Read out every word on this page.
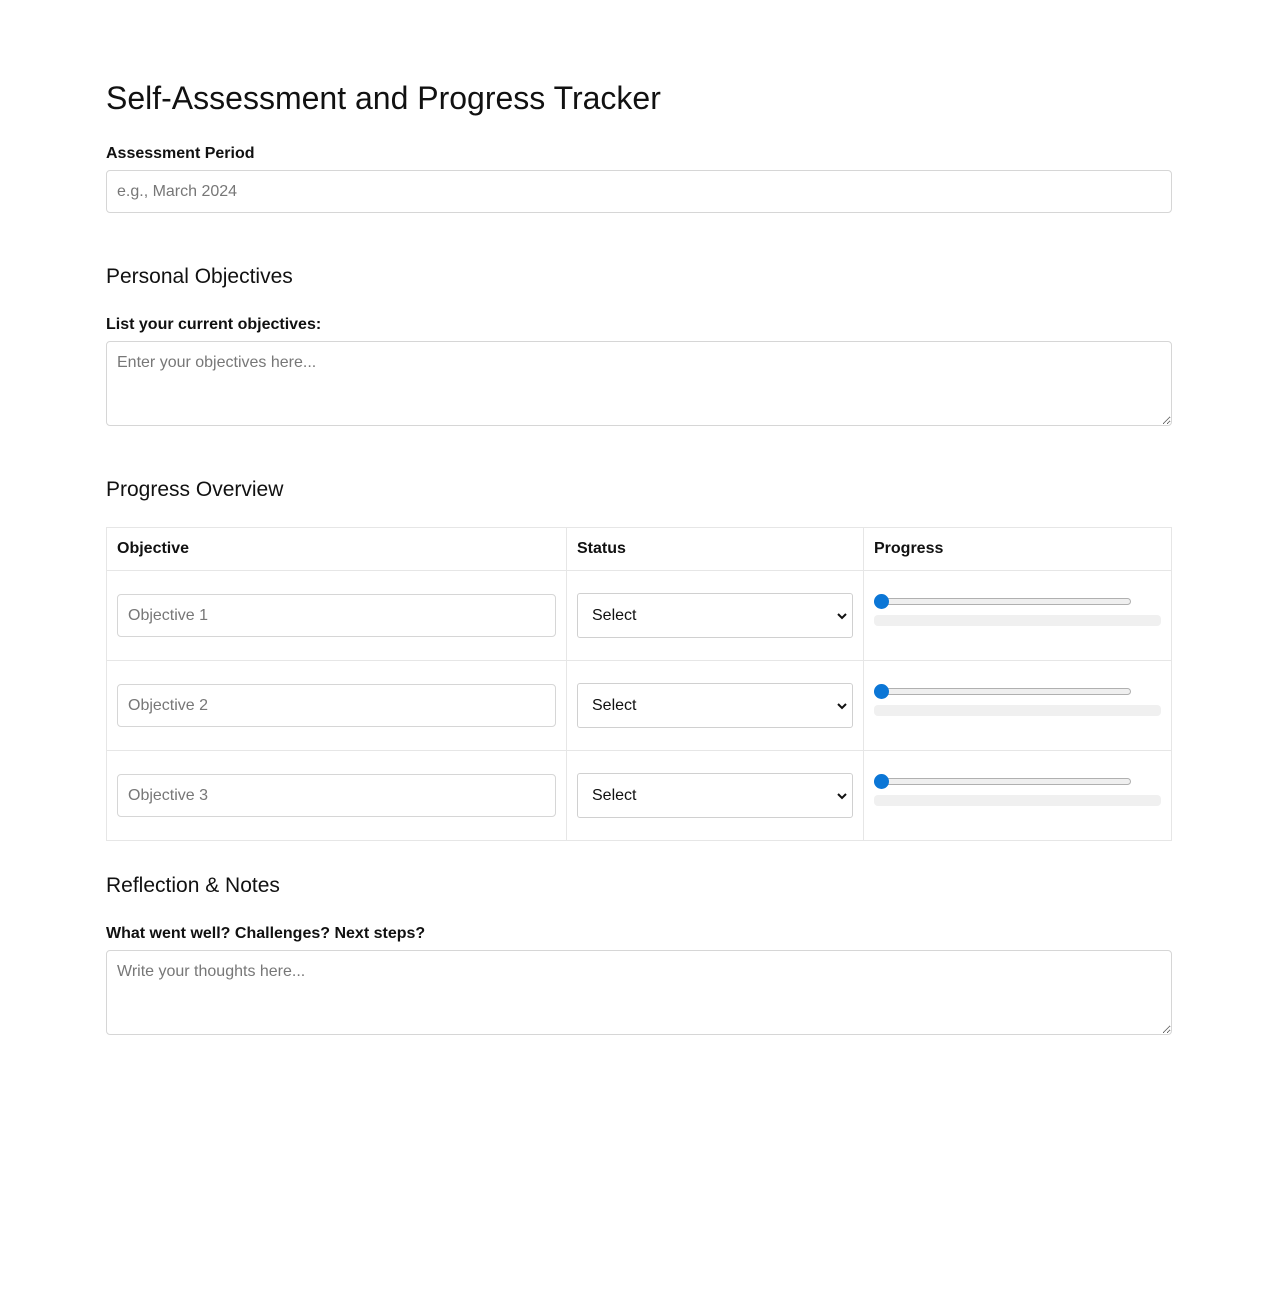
Self-Assessment and Progress Tracker
Assessment Period
e.g., March 2024
Personal Objectives
List your current objectives:
Enter your objectives here...
Progress Overview
Objective	Status	Progress

Objective 1	Select	

Objective 2	Select	

Objective 3	Select	

Reflection & Notes
What went well? Challenges? Next steps?
Write your thoughts here...
